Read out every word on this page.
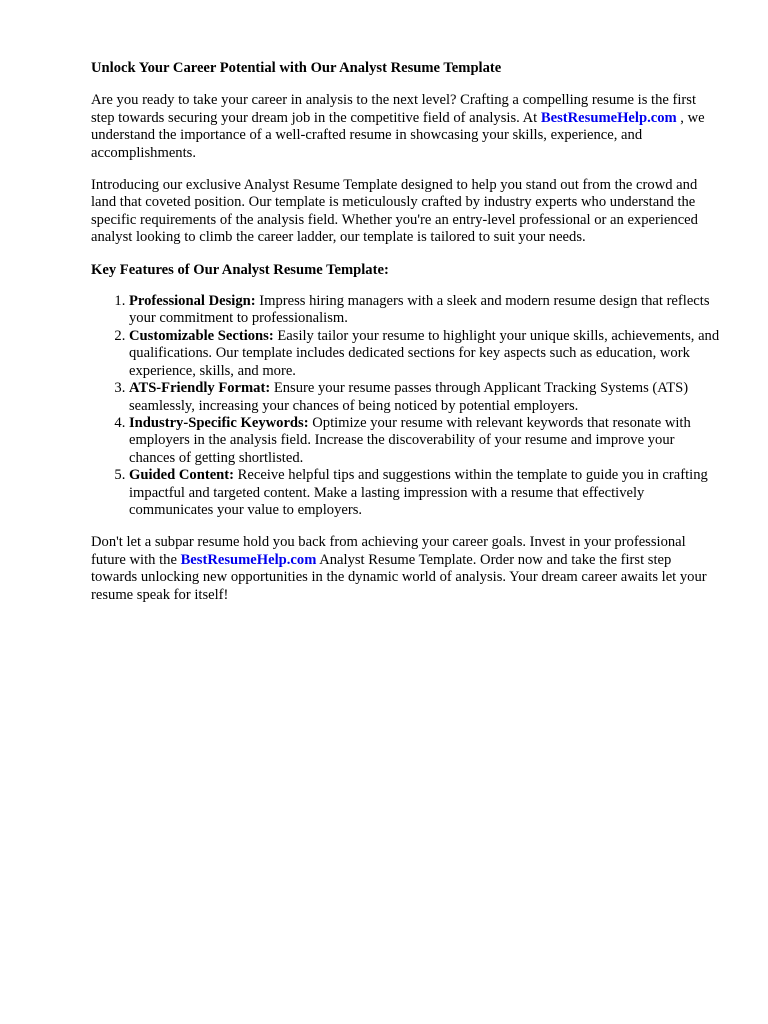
Unlock Your Career Potential with Our Analyst Resume Template

Are you ready to take your career in analysis to the next level? Crafting a compelling resume is the first step towards securing your dream job in the competitive field of analysis. At BestResumeHelp.com , we understand the importance of a well-crafted resume in showcasing your skills, experience, and accomplishments.

Introducing our exclusive Analyst Resume Template designed to help you stand out from the crowd and land that coveted position. Our template is meticulously crafted by industry experts who understand the specific requirements of the analysis field. Whether you're an entry-level professional or an experienced analyst looking to climb the career ladder, our template is tailored to suit your needs.

Key Features of Our Analyst Resume Template:
1. Professional Design: Impress hiring managers with a sleek and modern resume design that reflects your commitment to professionalism.
2. Customizable Sections: Easily tailor your resume to highlight your unique skills, achievements, and qualifications. Our template includes dedicated sections for key aspects such as education, work experience, skills, and more.
3. ATS-Friendly Format: Ensure your resume passes through Applicant Tracking Systems (ATS) seamlessly, increasing your chances of being noticed by potential employers.
4. Industry-Specific Keywords: Optimize your resume with relevant keywords that resonate with employers in the analysis field. Increase the discoverability of your resume and improve your chances of getting shortlisted.
5. Guided Content: Receive helpful tips and suggestions within the template to guide you in crafting impactful and targeted content. Make a lasting impression with a resume that effectively communicates your value to employers.

Don't let a subpar resume hold you back from achieving your career goals. Invest in your professional future with the BestResumeHelp.com Analyst Resume Template. Order now and take the first step towards unlocking new opportunities in the dynamic world of analysis. Your dream career awaits let your resume speak for itself!
